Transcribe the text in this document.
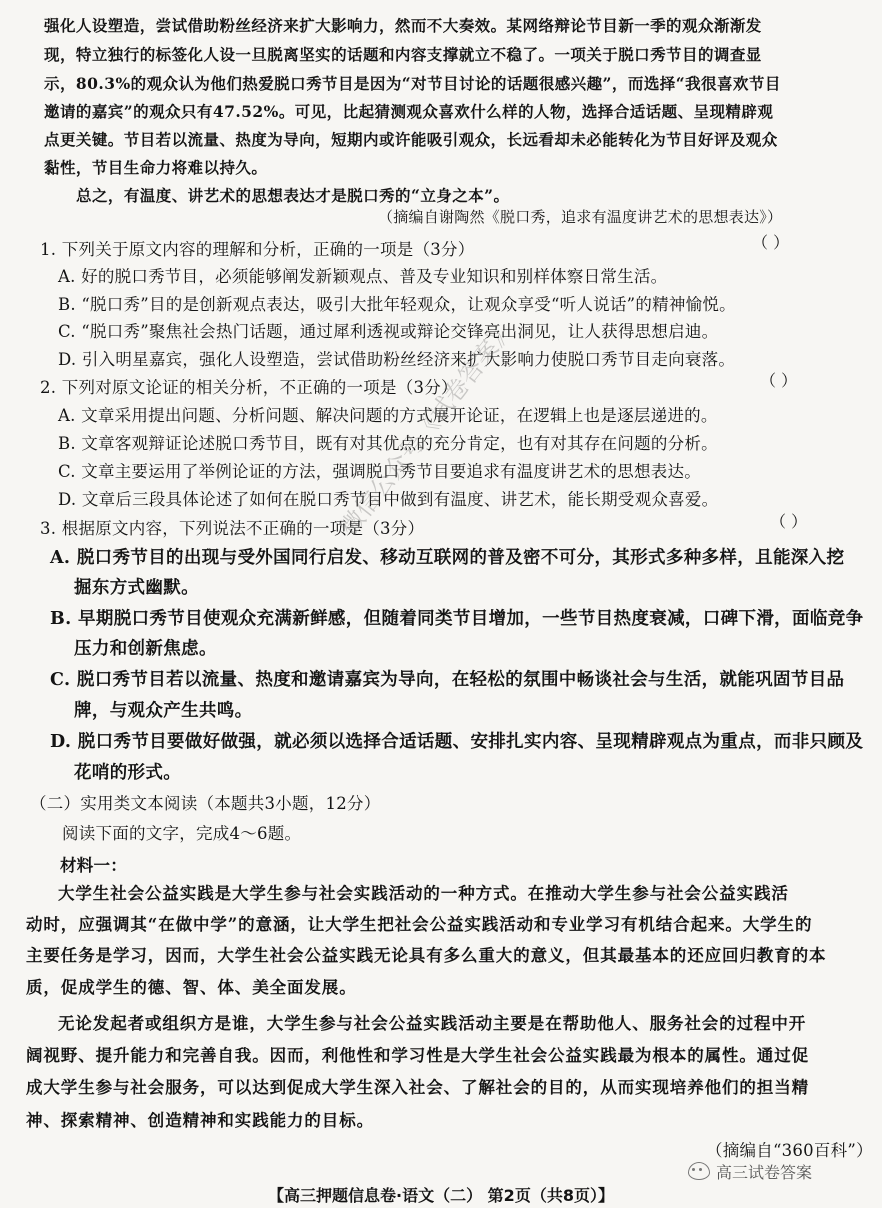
强化人设塑造，尝试借助粉丝经济来扩大影响力，然而不大奏效。某网络辩论节目新一季的观众渐渐发
现，特立独行的标签化人设一旦脱离坚实的话题和内容支撑就立不稳了。一项关于脱口秀节目的调查显
示，80.3%的观众认为他们热爱脱口秀节目是因为“对节目讨论的话题很感兴趣”，而选择“我很喜欢节目
邀请的嘉宾”的观众只有47.52%。可见，比起猜测观众喜欢什么样的人物，选择合适话题、呈现精辟观
点更关键。节目若以流量、热度为导向，短期内或许能吸引观众，长远看却未必能转化为节目好评及观众
黏性，节目生命力将难以持久。
总之，有温度、讲艺术的思想表达才是脱口秀的“立身之本”。
（摘编自谢陶然《脱口秀，追求有温度讲艺术的思想表达》）
1. 下列关于原文内容的理解和分析，正确的一项是（3分）	（ ）
A. 好的脱口秀节目，必须能够阐发新颖观点、普及专业知识和别样体察日常生活。
B. “脱口秀”目的是创新观点表达，吸引大批年轻观众，让观众享受“听人说话”的精神愉悦。
C. “脱口秀”聚焦社会热门话题，通过犀利透视或辩论交锋亮出洞见，让人获得思想启迪。
D. 引入明星嘉宾，强化人设塑造，尝试借助粉丝经济来扩大影响力使脱口秀节目走向衰落。
2. 下列对原文论证的相关分析，不正确的一项是（3分）	（ ）
A. 文章采用提出问题、分析问题、解决问题的方式展开论证，在逻辑上也是逐层递进的。
B. 文章客观辩证论述脱口秀节目，既有对其优点的充分肯定，也有对其存在问题的分析。
C. 文章主要运用了举例论证的方法，强调脱口秀节目要追求有温度讲艺术的思想表达。
D. 文章后三段具体论述了如何在脱口秀节目中做到有温度、讲艺术，能长期受观众喜爱。
3. 根据原文内容，下列说法不正确的一项是（3分）	（ ）
A. 脱口秀节目的出现与受外国同行启发、移动互联网的普及密不可分，其形式多种多样，且能深入挖
掘东方式幽默。
B. 早期脱口秀节目使观众充满新鲜感，但随着同类节目增加，一些节目热度衰减，口碑下滑，面临竞争
压力和创新焦虑。
C. 脱口秀节目若以流量、热度和邀请嘉宾为导向，在轻松的氛围中畅谈社会与生活，就能巩固节目品
牌，与观众产生共鸣。
D. 脱口秀节目要做好做强，就必须以选择合适话题、安排扎实内容、呈现精辟观点为重点，而非只顾及
花哨的形式。
（二）实用类文本阅读（本题共3小题，12分）
阅读下面的文字，完成4～6题。
材料一：
大学生社会公益实践是大学生参与社会实践活动的一种方式。在推动大学生参与社会公益实践活
动时，应强调其“在做中学”的意涵，让大学生把社会公益实践活动和专业学习有机结合起来。大学生的
主要任务是学习，因而，大学生社会公益实践无论具有多么重大的意义，但其最基本的还应回归教育的本
质，促成学生的德、智、体、美全面发展。
无论发起者或组织方是谁，大学生参与社会公益实践活动主要是在帮助他人、服务社会的过程中开
阔视野、提升能力和完善自我。因而，利他性和学习性是大学生社会公益实践最为根本的属性。通过促
成大学生参与社会服务，可以达到促成大学生深入社会、了解社会的目的，从而实现培养他们的担当精
神、探索精神、创造精神和实践能力的目标。
（摘编自“360百科”）
微信公众号《试卷答案》
高三试卷答案
【高三押题信息卷·语文（二） 第2页（共8页）】
